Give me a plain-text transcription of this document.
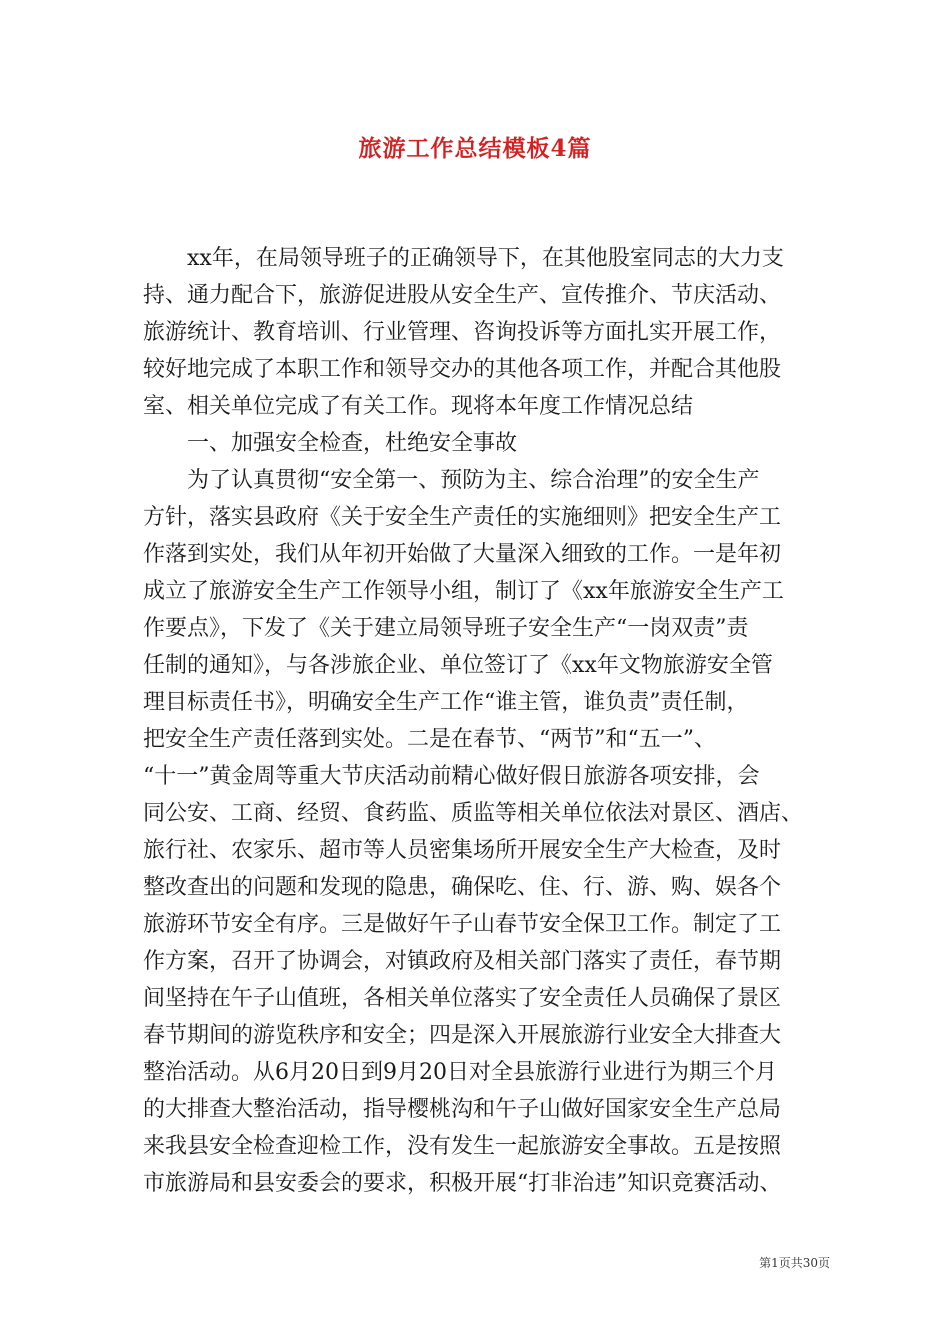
旅游工作总结模板4篇
　　xx年，在局领导班子的正确领导下，在其他股室同志的大力支
持、通力配合下，旅游促进股从安全生产、宣传推介、节庆活动、
旅游统计、教育培训、行业管理、咨询投诉等方面扎实开展工作，
较好地完成了本职工作和领导交办的其他各项工作，并配合其他股
室、相关单位完成了有关工作。现将本年度工作情况总结
　　一、加强安全检查，杜绝安全事故
　　为了认真贯彻“安全第一、预防为主、综合治理”的安全生产
方针，落实县政府《关于安全生产责任的实施细则》把安全生产工
作落到实处，我们从年初开始做了大量深入细致的工作。一是年初
成立了旅游安全生产工作领导小组，制订了《xx年旅游安全生产工
作要点》，下发了《关于建立局领导班子安全生产“一岗双责”责
任制的通知》，与各涉旅企业、单位签订了《xx年文物旅游安全管
理目标责任书》，明确安全生产工作“谁主管，谁负责”责任制，
把安全生产责任落到实处。二是在春节、“两节”和“五一”、
“十一”黄金周等重大节庆活动前精心做好假日旅游各项安排，会
同公安、工商、经贸、食药监、质监等相关单位依法对景区、酒店、
旅行社、农家乐、超市等人员密集场所开展安全生产大检查，及时
整改查出的问题和发现的隐患，确保吃、住、行、游、购、娱各个
旅游环节安全有序。三是做好午子山春节安全保卫工作。制定了工
作方案，召开了协调会，对镇政府及相关部门落实了责任，春节期
间坚持在午子山值班，各相关单位落实了安全责任人员确保了景区
春节期间的游览秩序和安全；四是深入开展旅游行业安全大排查大
整治活动。从6月20日到9月20日对全县旅游行业进行为期三个月
的大排查大整治活动，指导樱桃沟和午子山做好国家安全生产总局
来我县安全检查迎检工作，没有发生一起旅游安全事故。五是按照
市旅游局和县安委会的要求，积极开展“打非治违”知识竞赛活动、
第1页共30页
